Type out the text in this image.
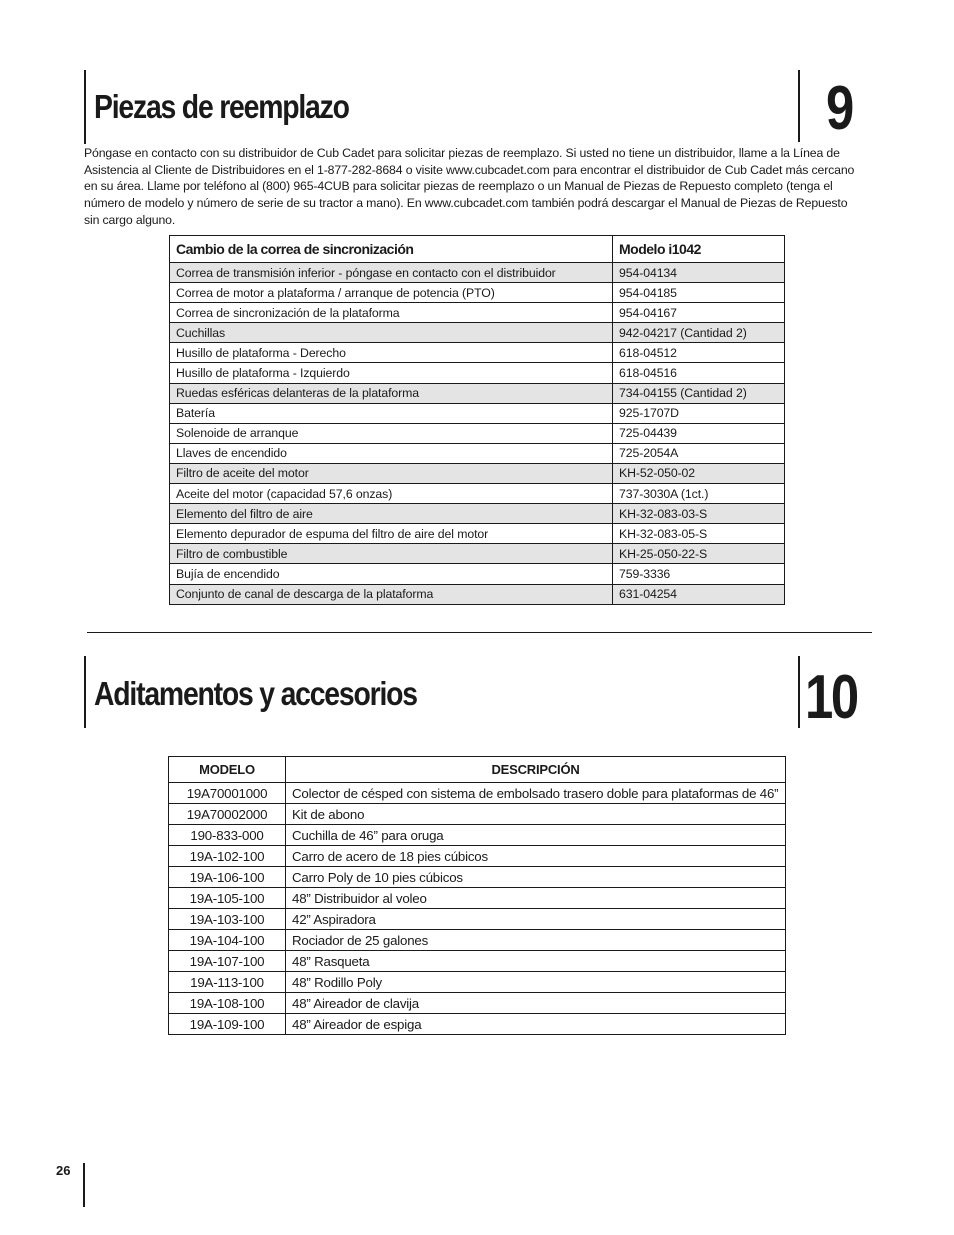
Piezas de reemplazo	9

Póngase en contacto con su distribuidor de Cub Cadet para solicitar piezas de reemplazo. Si usted no tiene un distribuidor, llame a la Línea de Asistencia al Cliente de Distribuidores en el 1-877-282-8684 o visite www.cubcadet.com para encontrar el distribuidor de Cub Cadet más cercano en su área. Llame por teléfono al (800) 965-4CUB para solicitar piezas de reemplazo o un Manual de Piezas de Repuesto completo (tenga el número de modelo y número de serie de su tractor a mano). En www.cubcadet.com también podrá descargar el Manual de Piezas de Repuesto sin cargo alguno.

Cambio de la correa de sincronización	Modelo i1042
Correa de transmisión inferior - póngase en contacto con el distribuidor	954-04134
Correa de motor a plataforma / arranque de potencia (PTO)	954-04185
Correa de sincronización de la plataforma	954-04167
Cuchillas	942-04217 (Cantidad 2)
Husillo de plataforma - Derecho	618-04512
Husillo de plataforma - Izquierdo	618-04516
Ruedas esféricas delanteras de la plataforma	734-04155 (Cantidad 2)
Batería	925-1707D
Solenoide de arranque	725-04439
Llaves de encendido	725-2054A
Filtro de aceite del motor	KH-52-050-02
Aceite del motor (capacidad 57,6 onzas)	737-3030A (1ct.)
Elemento del filtro de aire	KH-32-083-03-S
Elemento depurador de espuma del filtro de aire del motor	KH-32-083-05-S
Filtro de combustible	KH-25-050-22-S
Bujía de encendido	759-3336
Conjunto de canal de descarga de la plataforma	631-04254
Aditamentos y accesorios	10
MODELO	DESCRIPCIÓN
19A70001000	Colector de césped con sistema de embolsado trasero doble para plataformas de 46”
19A70002000	Kit de abono
190-833-000	Cuchilla de 46” para oruga
19A-102-100	Carro de acero de 18 pies cúbicos
19A-106-100	Carro Poly de 10 pies cúbicos
19A-105-100	48” Distribuidor al voleo
19A-103-100	42” Aspiradora
19A-104-100	Rociador de 25 galones
19A-107-100	48” Rasqueta
19A-113-100	48” Rodillo Poly
19A-108-100	48” Aireador de clavija
19A-109-100	48” Aireador de espiga
26
